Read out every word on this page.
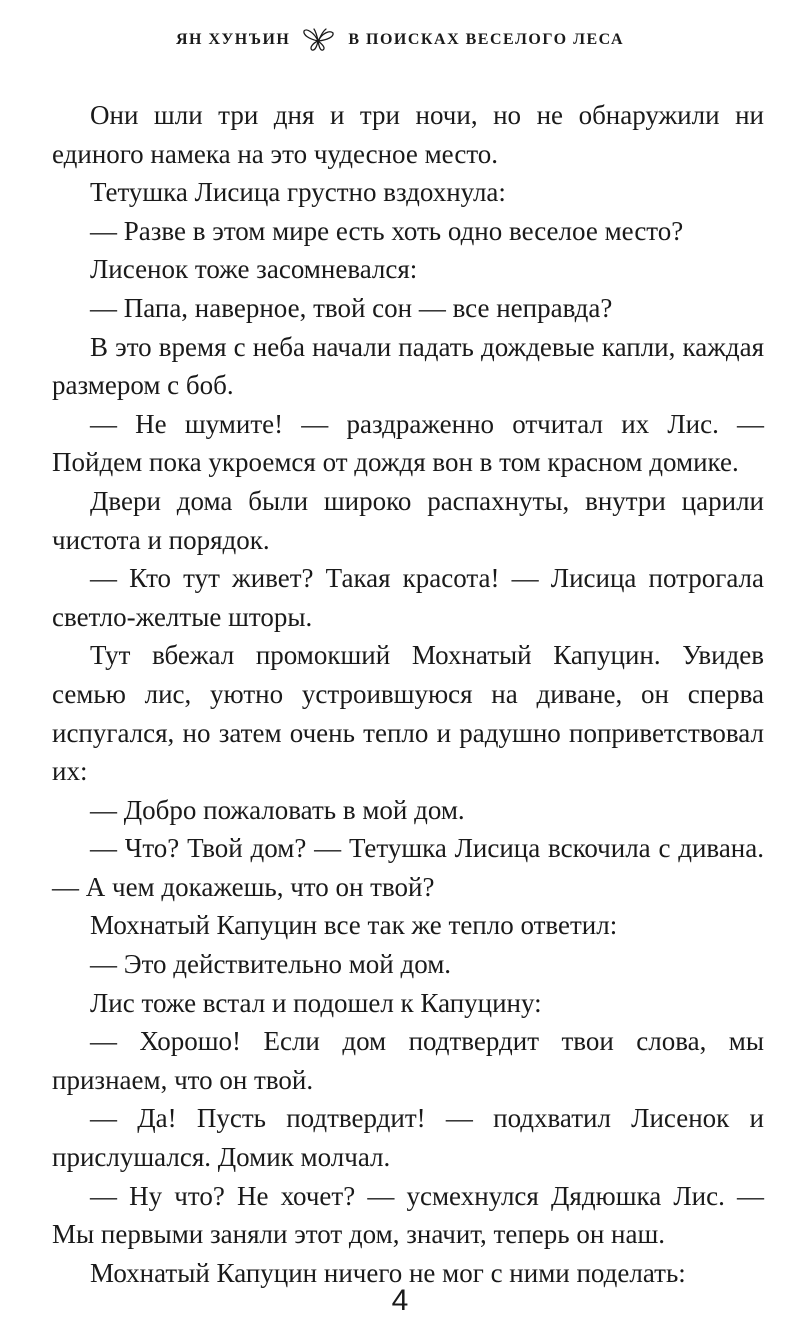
ЯН ХУНЪИН	В ПОИСКАХ ВЕСЕЛОГО ЛЕСА

Они шли три дня и три ночи, но не обнаружили ни единого намека на это чудесное место.

Тетушка Лисица грустно вздохнула:

— Разве в этом мире есть хоть одно веселое место?

Лисенок тоже засомневался:

— Папа, наверное, твой сон — все неправда?

В это время с неба начали падать дождевые капли, каждая размером с боб.

— Не шумите! — раздраженно отчитал их Лис. — Пойдем пока укроемся от дождя вон в том красном домике.

Двери дома были широко распахнуты, внутри царили чистота и порядок.

— Кто тут живет? Такая красота! — Лисица потрогала светло-желтые шторы.

Тут вбежал промокший Мохнатый Капуцин. Увидев семью лис, уютно устроившуюся на диване, он сперва испугался, но затем очень тепло и радушно поприветствовал их:

— Добро пожаловать в мой дом.

— Что? Твой дом? — Тетушка Лисица вскочила с дивана. — А чем докажешь, что он твой?

Мохнатый Капуцин все так же тепло ответил:

— Это действительно мой дом.

Лис тоже встал и подошел к Капуцину:

— Хорошо! Если дом подтвердит твои слова, мы признаем, что он твой.

— Да! Пусть подтвердит! — подхватил Лисенок и прислушался. Домик молчал.

— Ну что? Не хочет? — усмехнулся Дядюшка Лис. — Мы первыми заняли этот дом, значит, теперь он наш.

Мохнатый Капуцин ничего не мог с ними поделать:

4
